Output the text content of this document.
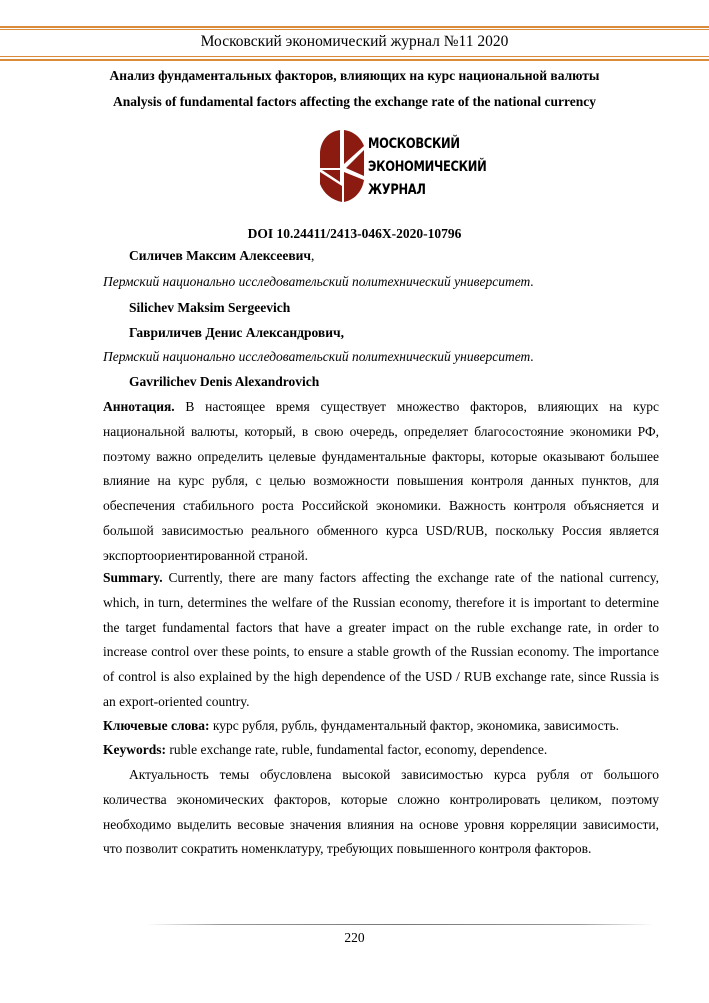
Московский экономический журнал №11 2020
Анализ фундаментальных факторов, влияющих на курс национальной валюты
Analysis of fundamental factors affecting the exchange rate of the national currency
МОСКОВСКИЙ
ЭКОНОМИЧЕСКИЙ
ЖУРНАЛ
DOI 10.24411/2413-046Х-2020-10796
Силичев Максим Алексеевич,
Пермский национально исследовательский политехнический университет.
Silichev Maksim Sergeevich
Гавриличев Денис Александрович,
Пермский национально исследовательский политехнический университет.
Gavrilichev Denis Alexandrovich
Аннотация. В настоящее время существует множество факторов, влияющих на курс национальной валюты, который, в свою очередь, определяет благосостояние экономики РФ, поэтому важно определить целевые фундаментальные факторы, которые оказывают большее влияние на курс рубля, с целью возможности повышения контроля данных пунктов, для обеспечения стабильного роста Российской экономики. Важность контроля объясняется и большой зависимостью реального обменного курса USD/RUB, поскольку Россия является экспортоориентированной страной.
Summary. Currently, there are many factors affecting the exchange rate of the national currency, which, in turn, determines the welfare of the Russian economy, therefore it is important to determine the target fundamental factors that have a greater impact on the ruble exchange rate, in order to increase control over these points, to ensure a stable growth of the Russian economy. The importance of control is also explained by the high dependence of the USD / RUB exchange rate, since Russia is an export-oriented country.
Ключевые слова: курс рубля, рубль, фундаментальный фактор, экономика, зависимость.
Keywords: ruble exchange rate, ruble, fundamental factor, economy, dependence.
Актуальность темы обусловлена высокой зависимостью курса рубля от большого количества экономических факторов, которые сложно контролировать целиком, поэтому необходимо выделить весовые значения влияния на основе уровня корреляции зависимости, что позволит сократить номенклатуру, требующих повышенного контроля факторов.
220
